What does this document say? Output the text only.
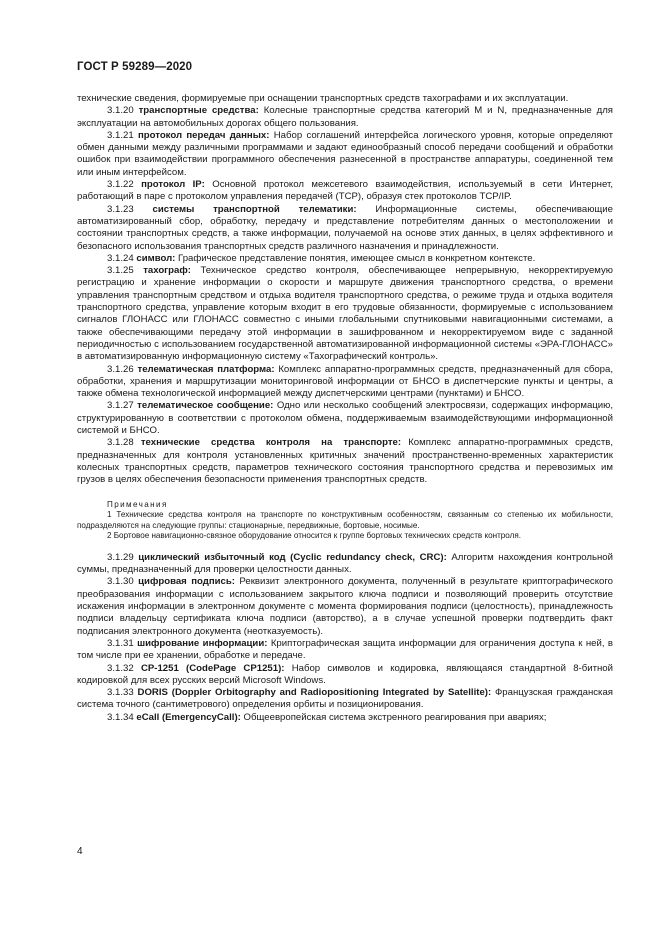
ГОСТ Р 59289—2020

технические сведения, формируемые при оснащении транспортных средств тахографами и их эксплуатации.

3.1.20 транспортные средства: Колесные транспортные средства категорий M и N, предназначенные для эксплуатации на автомобильных дорогах общего пользования.

3.1.21 протокол передач данных: Набор соглашений интерфейса логического уровня, которые определяют обмен данными между различными программами и задают единообразный способ передачи сообщений и обработки ошибок при взаимодействии программного обеспечения разнесенной в пространстве аппаратуры, соединенной тем или иным интерфейсом.

3.1.22 протокол IP: Основной протокол межсетевого взаимодействия, используемый в сети Интернет, работающий в паре с протоколом управления передачей (TCP), образуя стек протоколов TCP/IP.

3.1.23 системы транспортной телематики: Информационные системы, обеспечивающие автоматизированный сбор, обработку, передачу и представление потребителям данных о местоположении и состоянии транспортных средств, а также информации, получаемой на основе этих данных, в целях эффективного и безопасного использования транспортных средств различного назначения и принадлежности.

3.1.24 символ: Графическое представление понятия, имеющее смысл в конкретном контексте.

3.1.25 тахограф: Техническое средство контроля, обеспечивающее непрерывную, некорректируемую регистрацию и хранение информации о скорости и маршруте движения транспортного средства, о времени управления транспортным средством и отдыха водителя транспортного средства, о режиме труда и отдыха водителя транспортного средства, управление которым входит в его трудовые обязанности, формируемые с использованием сигналов ГЛОНАСС или ГЛОНАСС совместно с иными глобальными спутниковыми навигационными системами, а также обеспечивающими передачу этой информации в зашифрованном и некорректируемом виде с заданной периодичностью с использованием государственной автоматизированной информационной системы «ЭРА-ГЛОНАСС» в автоматизированную информационную систему «Тахографический контроль».

3.1.26 телематическая платформа: Комплекс аппаратно-программных средств, предназначенный для сбора, обработки, хранения и маршрутизации мониторинговой информации от БНСО в диспетчерские пункты и центры, а также обмена технологической информацией между диспетчерскими центрами (пунктами) и БНСО.

3.1.27 телематическое сообщение: Одно или несколько сообщений электросвязи, содержащих информацию, структурированную в соответствии с протоколом обмена, поддерживаемым взаимодействующими информационной системой и БНСО.

3.1.28 технические средства контроля на транспорте: Комплекс аппаратно-программных средств, предназначенных для контроля установленных критичных значений пространственно-временных характеристик колесных транспортных средств, параметров технического состояния транспортного средства и перевозимых им грузов в целях обеспечения безопасности применения транспортных средств.

Примечания

1 Технические средства контроля на транспорте по конструктивным особенностям, связанным со степенью их мобильности, подразделяются на следующие группы: стационарные, передвижные, бортовые, носимые.

2 Бортовое навигационно-связное оборудование относится к группе бортовых технических средств контроля.

3.1.29 циклический избыточный код (Cyclic redundancy check, CRC): Алгоритм нахождения контрольной суммы, предназначенный для проверки целостности данных.

3.1.30 цифровая подпись: Реквизит электронного документа, полученный в результате криптографического преобразования информации с использованием закрытого ключа подписи и позволяющий проверить отсутствие искажения информации в электронном документе с момента формирования подписи (целостность), принадлежность подписи владельцу сертификата ключа подписи (авторство), а в случае успешной проверки подтвердить факт подписания электронного документа (неотказуемость).

3.1.31 шифрование информации: Криптографическая защита информации для ограничения доступа к ней, в том числе при ее хранении, обработке и передаче.

3.1.32 CP-1251 (CodePage CP1251): Набор символов и кодировка, являющаяся стандартной 8-битной кодировкой для всех русских версий Microsoft Windows.

3.1.33 DORIS (Doppler Orbitography and Radiopositioning Integrated by Satellite): Французская гражданская система точного (сантиметрового) определения орбиты и позиционирования.

3.1.34 eCall (EmergencyCall): Общеевропейская система экстренного реагирования при авариях;

4
